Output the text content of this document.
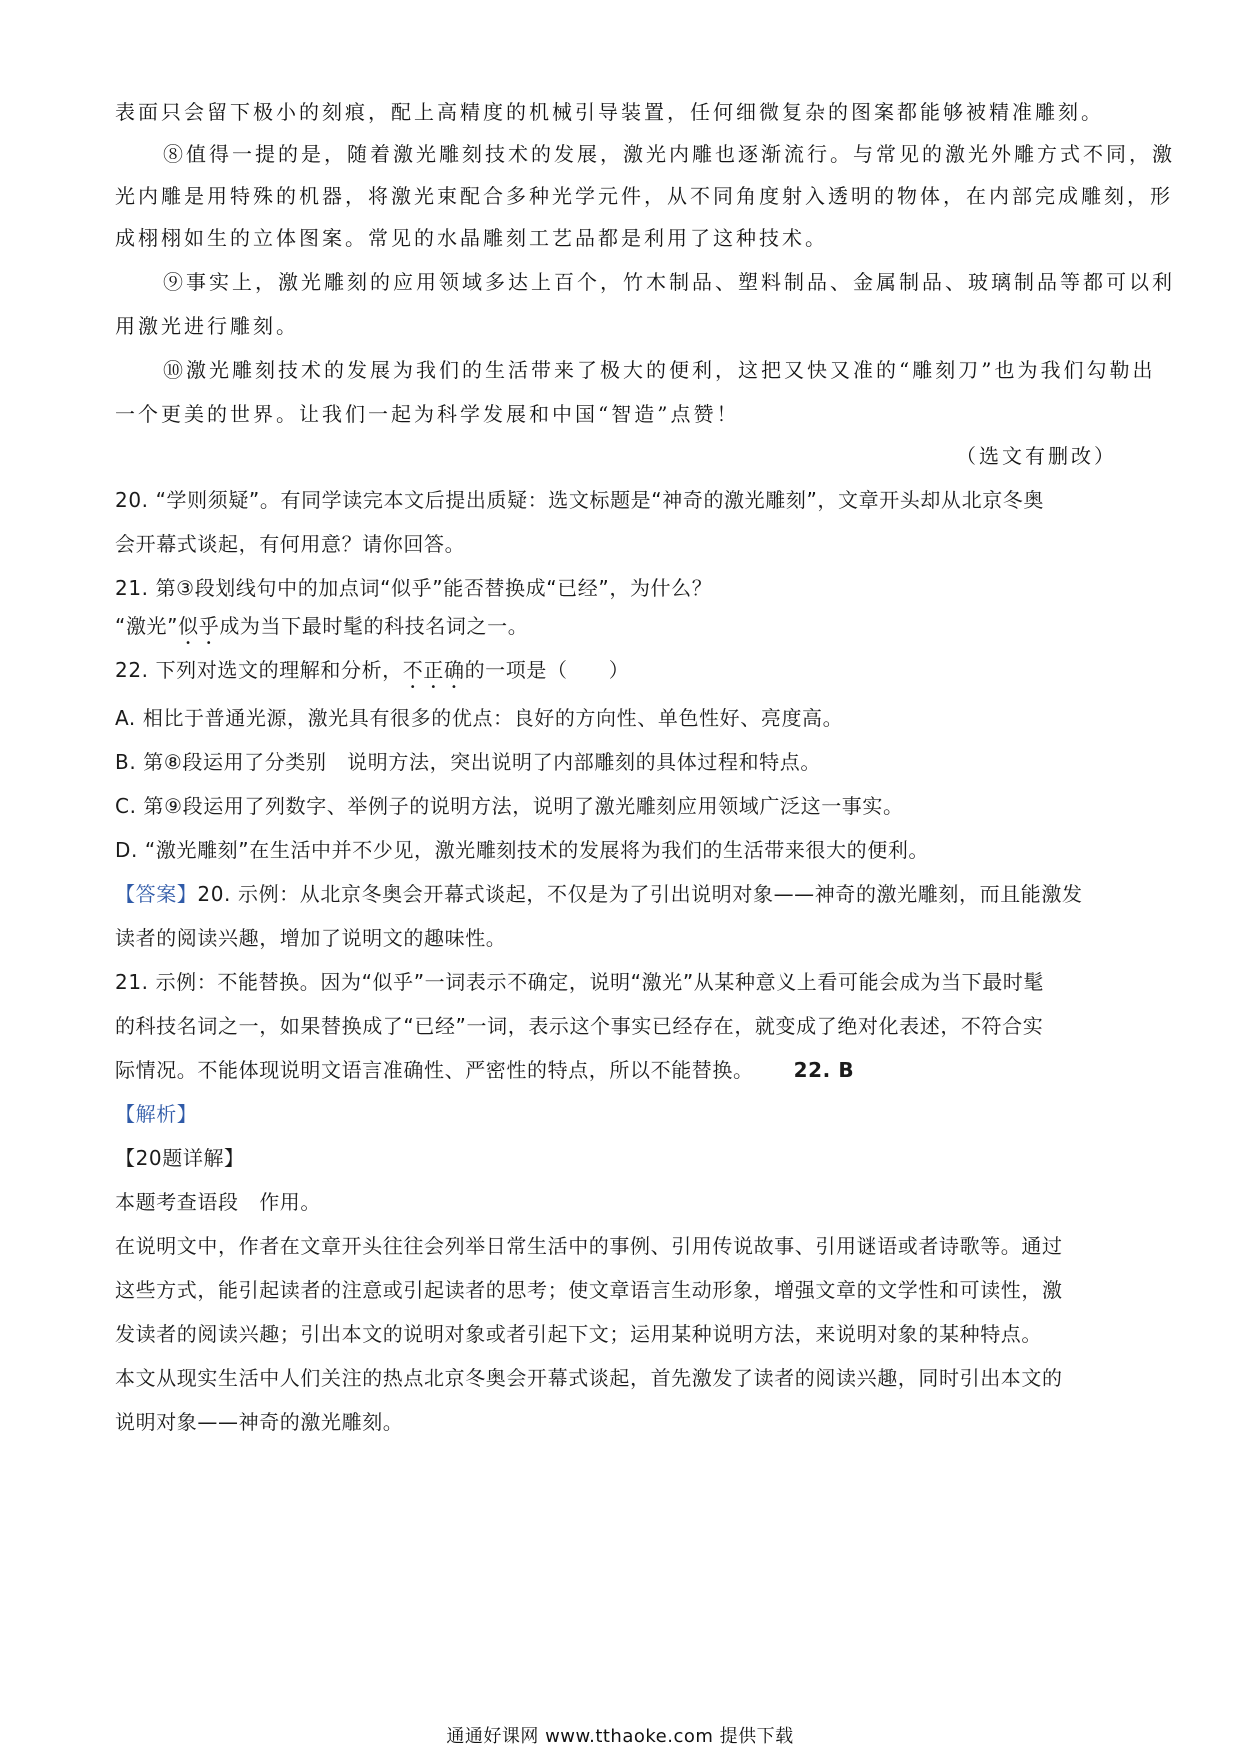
表面只会留下极小的刻痕，配上高精度的机械引导装置，任何细微复杂的图案都能够被精准雕刻。
⑧值得一提的是，随着激光雕刻技术的发展，激光内雕也逐渐流行。与常见的激光外雕方式不同，激
光内雕是用特殊的机器，将激光束配合多种光学元件，从不同角度射入透明的物体，在内部完成雕刻，形
成栩栩如生的立体图案。常见的水晶雕刻工艺品都是利用了这种技术。
⑨事实上，激光雕刻的应用领域多达上百个，竹木制品、塑料制品、金属制品、玻璃制品等都可以利
用激光进行雕刻。
⑩激光雕刻技术的发展为我们的生活带来了极大的便利，这把又快又准的“雕刻刀”也为我们勾勒出
一个更美的世界。让我们一起为科学发展和中国“智造”点赞！
（选文有删改）
20. “学则须疑”。有同学读完本文后提出质疑：选文标题是“神奇的激光雕刻”，文章开头却从北京冬奥
会开幕式谈起，有何用意？请你回答。
21. 第③段划线句中的加点词“似乎”能否替换成“已经”，为什么？
“激光”似乎成为当下最时髦的科技名词之一。
22. 下列对选文的理解和分析，不正确的一项是（　　）
A. 相比于普通光源，激光具有很多的优点：良好的方向性、单色性好、亮度高。
B. 第⑧段运用了分类别　说明方法，突出说明了内部雕刻的具体过程和特点。
C. 第⑨段运用了列数字、举例子的说明方法，说明了激光雕刻应用领域广泛这一事实。
D. “激光雕刻”在生活中并不少见，激光雕刻技术的发展将为我们的生活带来很大的便利。
【答案】20. 示例：从北京冬奥会开幕式谈起，不仅是为了引出说明对象——神奇的激光雕刻，而且能激发
读者的阅读兴趣，增加了说明文的趣味性。
21. 示例：不能替换。因为“似乎”一词表示不确定，说明“激光”从某种意义上看可能会成为当下最时髦
的科技名词之一，如果替换成了“已经”一词，表示这个事实已经存在，就变成了绝对化表述，不符合实
际情况。不能体现说明文语言准确性、严密性的特点，所以不能替换。 22. B
【解析】
【20题详解】
本题考查语段　作用。
在说明文中，作者在文章开头往往会列举日常生活中的事例、引用传说故事、引用谜语或者诗歌等。通过
这些方式，能引起读者的注意或引起读者的思考；使文章语言生动形象，增强文章的文学性和可读性，激
发读者的阅读兴趣；引出本文的说明对象或者引起下文；运用某种说明方法，来说明对象的某种特点。
本文从现实生活中人们关注的热点北京冬奥会开幕式谈起，首先激发了读者的阅读兴趣，同时引出本文的
说明对象——神奇的激光雕刻。
通通好课网 www.tthaoke.com 提供下载
